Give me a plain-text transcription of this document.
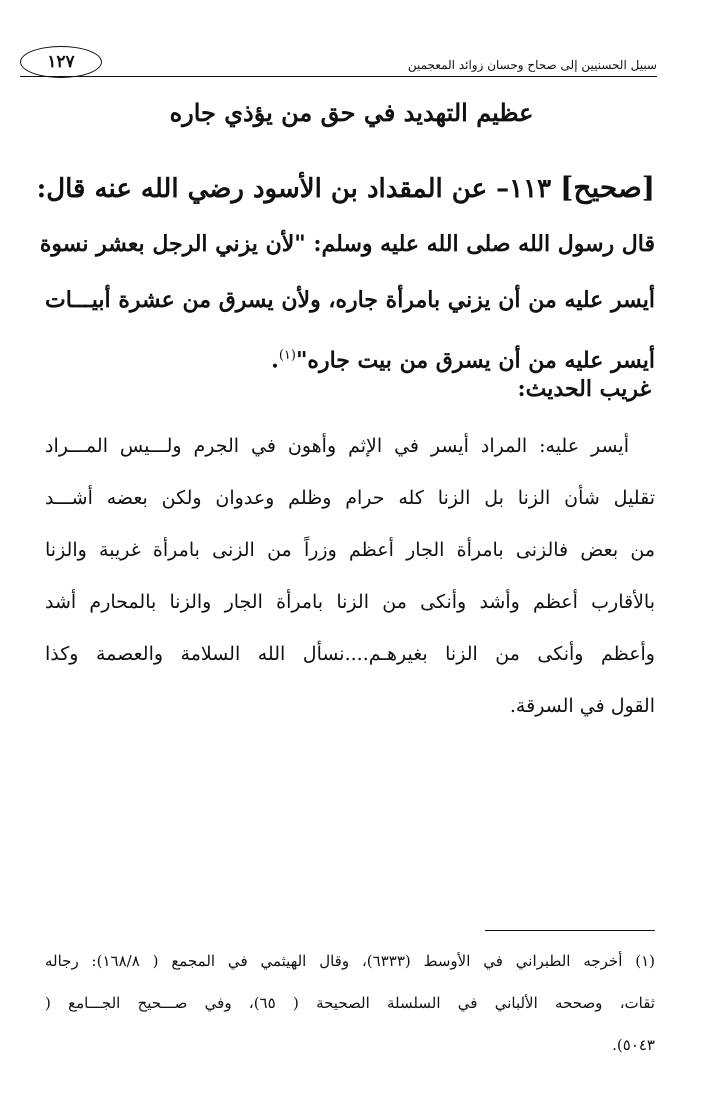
سبيل الحسنيين إلى صحاح وحسان زوائد المعجمين
١٢٧
عظيم التهديد في حق من يؤذي جاره
[صحيح] ١١٣– عن المقداد بن الأسود رضي الله عنه قال:
قال رسول الله صلى الله عليه وسلم: "لأن يزني الرجل بعشر نسوة
أيسر عليه من أن يزني بامرأة جاره، ولأن يسرق من عشرة أبيـــات
أيسر عليه من أن يسرق من بيت جاره"$^{(١)}$.
غريب الحديث:
أيسر عليه: المراد أيسر في الإثم وأهون في الجرم ولـــيس المـــراد
تقليل شأن الزنا بل الزنا كله حرام وظلم وعدوان ولكن بعضه أشـــد
من بعض فالزنى بامرأة الجار أعظم وزراً من الزنى بامرأة غريبة والزنا
بالأقارب أعظم وأشد وأنكى من الزنا بامرأة الجار والزنا بالمحارم أشد
وأعظم وأنكى من الزنا بغيرهـم....نسأل الله السلامة والعصمة وكذا
القول في السرقة.
(١) أخرجه الطبراني في الأوسط (٦٣٣٣)، وقال الهيثمي في المجمع ( ١٦٨/٨): رجاله
ثقات، وصححه الألباني في السلسلة الصحيحة ( ٦٥)، وفي صـــحيح الجـــامع (
٥٠٤٣).
